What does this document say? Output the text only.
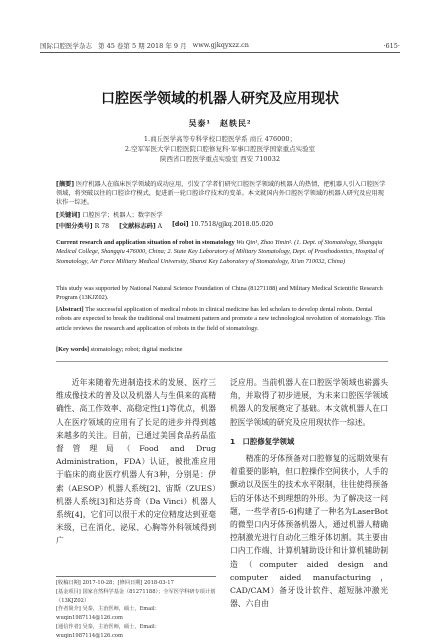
国际口腔医学杂志 第 45 卷第 5 期 2018 年 9 月 www.gjkqyxzz.cn	·615·
口腔医学领域的机器人研究及应用现状
吴泰¹　赵轶民²
1.商丘医学高等专科学校口腔医学系 商丘 476000；
2.空军军医大学口腔医院口腔修复科·军事口腔医学国家重点实验室
陕西省口腔医学重点实验室 西安 710032
[摘要] 医疗机器人在临床医学领域的成功应用，引发了学者们研究口腔医学领域的机器人的热情，把机器人引入口腔医学领域，将突破以往的口腔诊疗模式，促进新一轮口腔诊疗技术的变革。本文就国内外口腔医学领域的机器人研究及应用现状作一综述。
[关键词] 口腔医学；机器人；数字医学
[中图分类号] R 78 [文献标志码] A [doi] 10.7518/gjkq.2018.05.020
Current research and application situation of robot in stomatology Wu Qin¹, Zhao Yimin². (1. Dept. of Stomatology, Shangqiu Medical College, Shangqiu 476000, China; 2. State Key Laboratory of Military Stomatology, Dept. of Prosthodontics, Hospital of Stomatology, Air Force Military Medical University, Shanxi Key Laboratory of Stomatology, Xi'an 710032, China)
This study was supported by National Natural Science Foundation of China (81271188) and Military Medical Scientific Research Program (13KJZ02).
[Abstract] The successful application of medical robots in clinical medicine has led scholars to develop dental robots. Dental robots are expected to break the traditional oral treatment pattern and promote a new technological revolution of stomatology. This article reviews the research and application of robots in the field of stomatology.
[Key words] stomatology; robot; digital medicine
近年来随着先进制造技术的发展、医疗三维成像技术的普及以及机器人与生俱来的高精确性、高工作效率、高稳定性[1]等优点，机器人在医疗领域的应用有了长足的进步并得到越来越多的关注。目前，已通过美国食品药品监督管理局（Food and Drug Administration，FDA）认证，被批准应用于临床的商业医疗机器人有3种，分别是：伊索（AESOP）机器人系统[2]、宙斯（ZUES）机器人系统[3]和达芬奇（Da Vinci）机器人系统[4]，它们可以很于术的定位精度达到亚毫米级，已在消化、泌尿、心胸等外科领域得到广
泛应用。当前机器人在口腔医学领域也崭露头角，并取得了初步进展，为未来口腔医学领域机器人的发展奠定了基础。本文就机器人在口腔医学领域的研究及应用现状作一综述。
1　口腔修复学领域
精准的牙体预备对口腔修复的远期效果有着重要的影响，但口腔操作空间狭小，人手的颤动以及医生的技术水平限制，往往使得预备后的牙体达不到理想的外形。为了解决这一问题，一些学者[5-6]构建了一种名为LaserBot的微型口内牙体预备机器人，通过机器人精确控制激光进行自动化三维牙体切割。其主要由口内工作端、计算机辅助设计和计算机辅助制造（computer aided design and computer aided manufacturing，CAD/CAM）备牙设计软件、超短脉冲激光器、六自由
[收稿日期] 2017-10-28；[修回日期] 2018-03-17
[基金项目] 国家自然科学基金（81271188）；全军医学科研专项计划（13KJZ02）
[作者简介] 吴泰，主治医师，硕士，Email：wuqin1987114@126.com
[通信作者] 吴泰，主治医师，硕士，Email：wuqin1987114@126.com
